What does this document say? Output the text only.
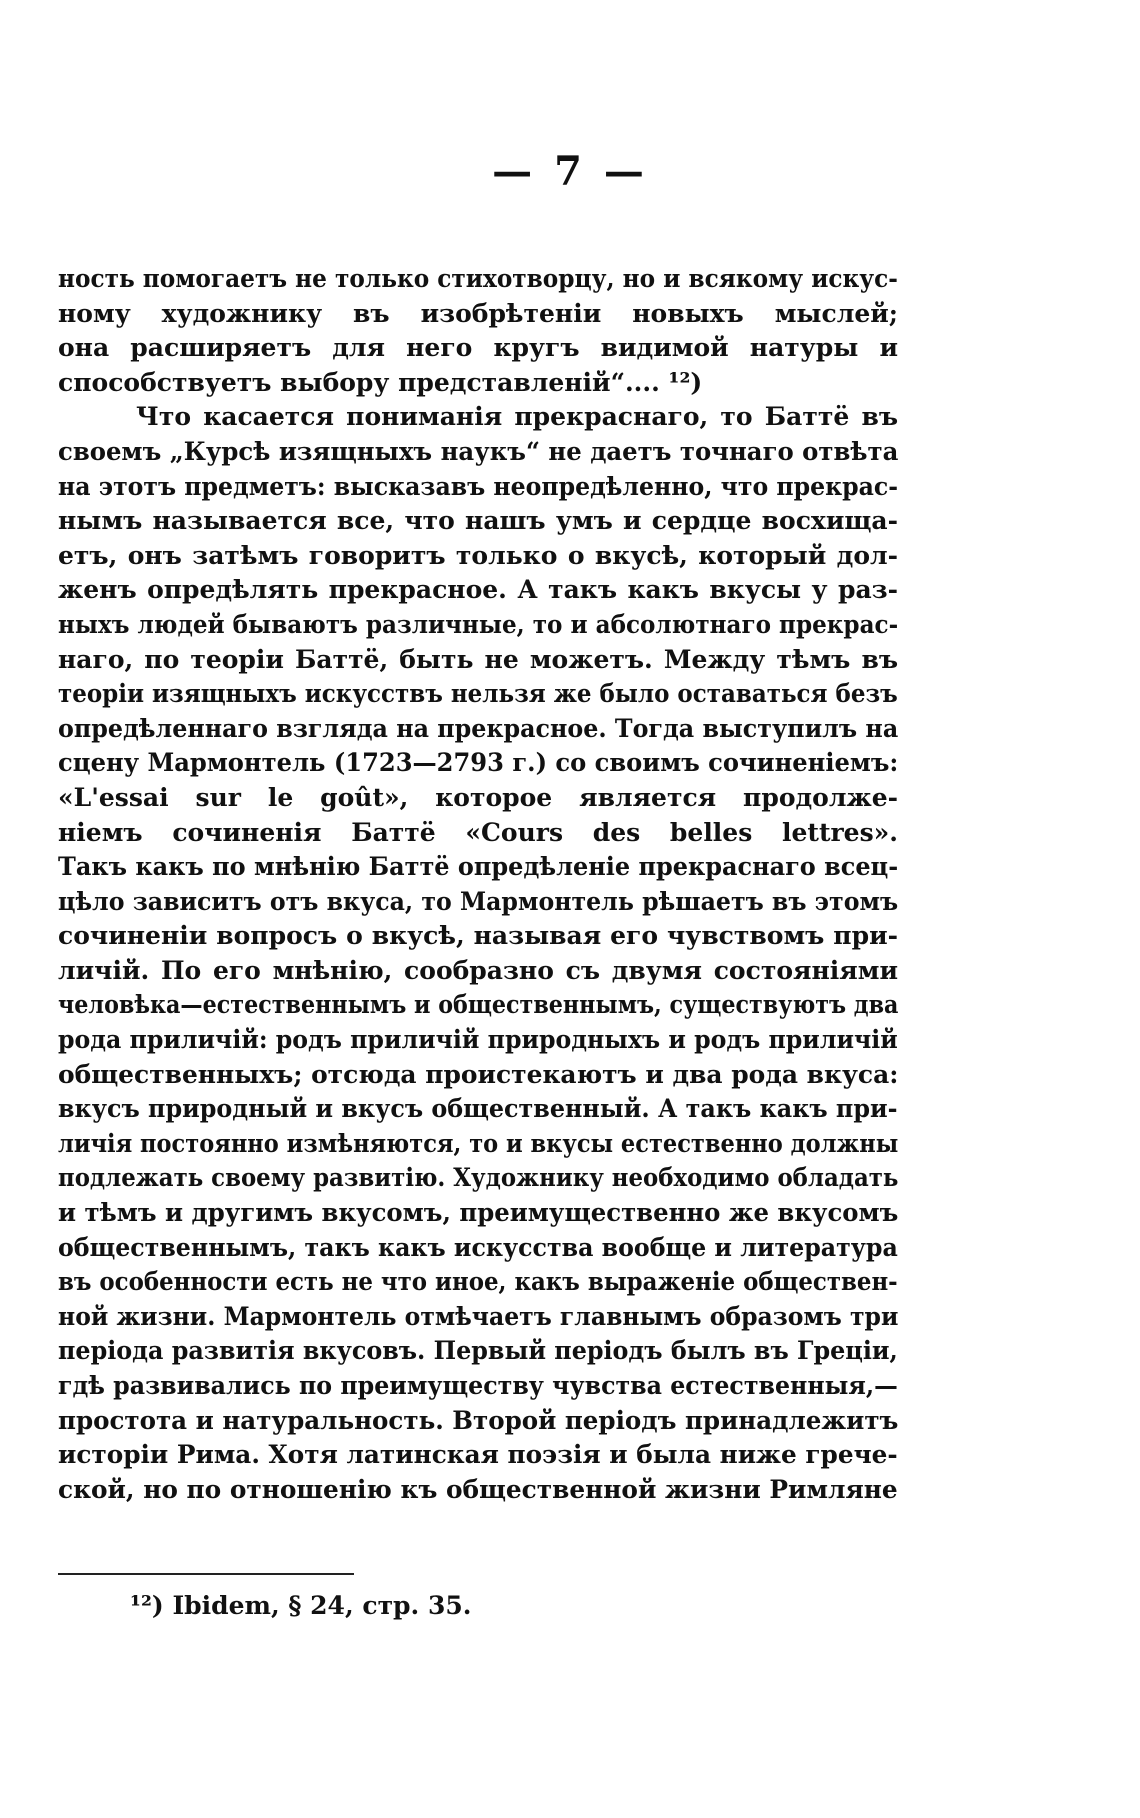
— 7 —
ность помогаетъ не только стихотворцу, но и всякому искус-
ному художнику въ изобрѣтеніи новыхъ мыслей;
она расширяетъ для него кругъ видимой натуры и
способствуетъ выбору представленій“.... ¹²)
Что касается пониманія прекраснаго, то Баттё въ
своемъ „Курсѣ изящныхъ наукъ“ не даетъ точнаго отвѣта
на этотъ предметъ: высказавъ неопредѣленно, что прекрас-
нымъ называется все, что нашъ умъ и сердце восхища-
етъ, онъ затѣмъ говоритъ только о вкусѣ, который дол-
женъ опредѣлять прекрасное. А такъ какъ вкусы у раз-
ныхъ людей бываютъ различные, то и абсолютнаго прекрас-
наго, по теоріи Баттё, быть не можетъ. Между тѣмъ въ
теоріи изящныхъ искусствъ нельзя же было оставаться безъ
опредѣленнаго взгляда на прекрасное. Тогда выступилъ на
сцену Мармонтель (1723—2793 г.) со своимъ сочиненіемъ:
«L'essai sur le goût», которое является продолже-
ніемъ сочиненія Баттё «Cours des belles lettres».
Такъ какъ по мнѣнію Баттё опредѣленіе прекраснаго всец-
цѣло зависитъ отъ вкуса, то Мармонтель рѣшаетъ въ этомъ
сочиненіи вопросъ о вкусѣ, называя его чувствомъ при-
личій. По его мнѣнію, сообразно съ двумя состояніями
человѣка—естественнымъ и общественнымъ, существуютъ два
рода приличій: родъ приличій природныхъ и родъ приличій
общественныхъ; отсюда проистекаютъ и два рода вкуса:
вкусъ природный и вкусъ общественный. А такъ какъ при-
личія постоянно измѣняются, то и вкусы естественно должны
подлежать своему развитію. Художнику необходимо обладать
и тѣмъ и другимъ вкусомъ, преимущественно же вкусомъ
общественнымъ, такъ какъ искусства вообще и литература
въ особенности есть не что иное, какъ выраженіе обществен-
ной жизни. Мармонтель отмѣчаетъ главнымъ образомъ три
періода развитія вкусовъ. Первый періодъ былъ въ Греціи,
гдѣ развивались по преимуществу чувства естественныя,—
простота и натуральность. Второй періодъ принадлежитъ
исторіи Рима. Хотя латинская поэзія и была ниже грече-
ской, но по отношенію къ общественной жизни Римляне
¹²) Ibidem, § 24, стр. 35.
